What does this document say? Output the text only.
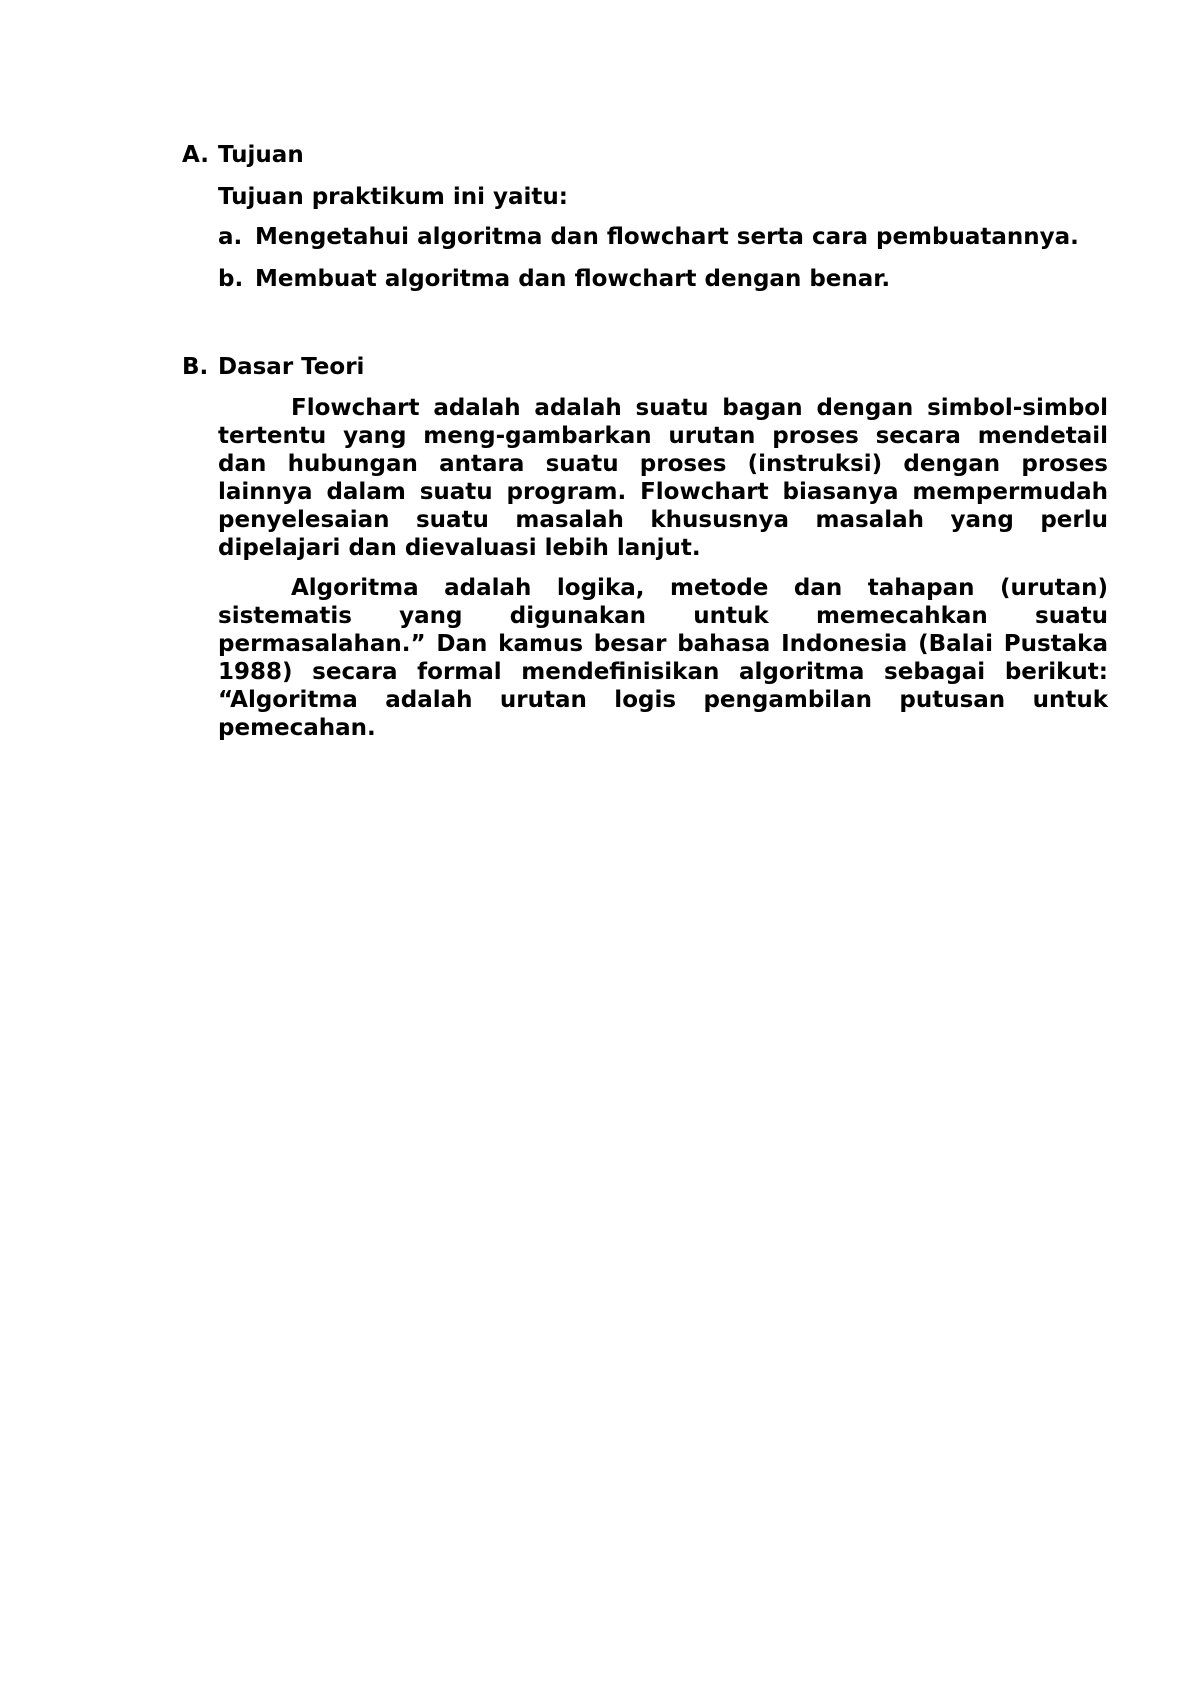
A. Tujuan
Tujuan praktikum ini yaitu:
a. Mengetahui algoritma dan flowchart serta cara pembuatannya.
b. Membuat algoritma dan flowchart dengan benar.
B. Dasar Teori

Flowchart adalah adalah suatu bagan dengan simbol-simbol tertentu yang meng-gambarkan urutan proses secara mendetail dan hubungan antara suatu proses (instruksi) dengan proses lainnya dalam suatu program. Flowchart biasanya mempermudah penyelesaian suatu masalah khususnya masalah yang perlu dipelajari dan dievaluasi lebih lanjut.

Algoritma adalah logika, metode dan tahapan (urutan) sistematis yang digunakan untuk memecahkan suatu permasalahan.” Dan kamus besar bahasa Indonesia (Balai Pustaka 1988) secara formal mendefinisikan algoritma sebagai berikut: “Algoritma adalah urutan logis pengambilan putusan untuk pemecahan.
